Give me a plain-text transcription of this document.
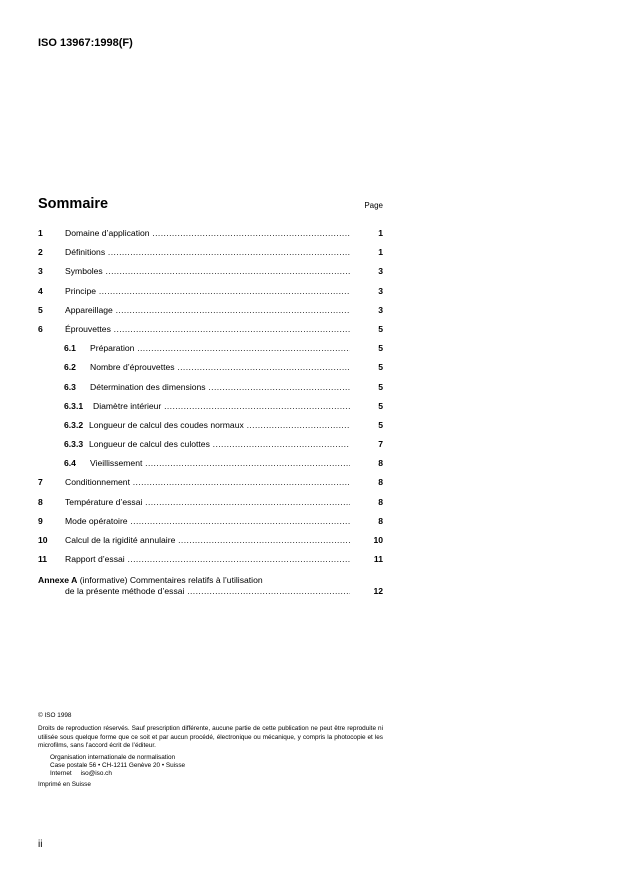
ISO 13967:1998(F)
Sommaire	Page
1	Domaine d’application .....	1
2	Définitions .....	1
3	Symboles .....	3
4	Principe .....	3
5	Appareillage .....	3
6	Éprouvettes .....	5
6.1 Préparation .....	5
6.2 Nombre d’éprouvettes .....	5
6.3 Détermination des dimensions .....	5
6.3.1 Diamètre intérieur .....	5
6.3.2 Longueur de calcul des coudes normaux .....	5
6.3.3 Longueur de calcul des culottes .....	7
6.4 Vieillissement .....	8
7	Conditionnement .....	8
8	Température d’essai .....	8
9	Mode opératoire .....	8
10 Calcul de la rigidité annulaire .....	10
11 Rapport d’essai .....	11
Annexe A (informative) Commentaires relatifs à l’utilisation
de la présente méthode d’essai .....	12
© ISO 1998
Droits de reproduction réservés. Sauf prescription différente, aucune partie de cette publication ne peut être reproduite ni utilisée sous quelque forme que ce soit et par aucun procédé, électronique ou mécanique, y compris la photocopie et les microfilms, sans l’accord écrit de l’éditeur.
Organisation internationale de normalisation
Case postale 56 • CH-1211 Genève 20 • Suisse
Internet iso@iso.ch
Imprimé en Suisse
ii
